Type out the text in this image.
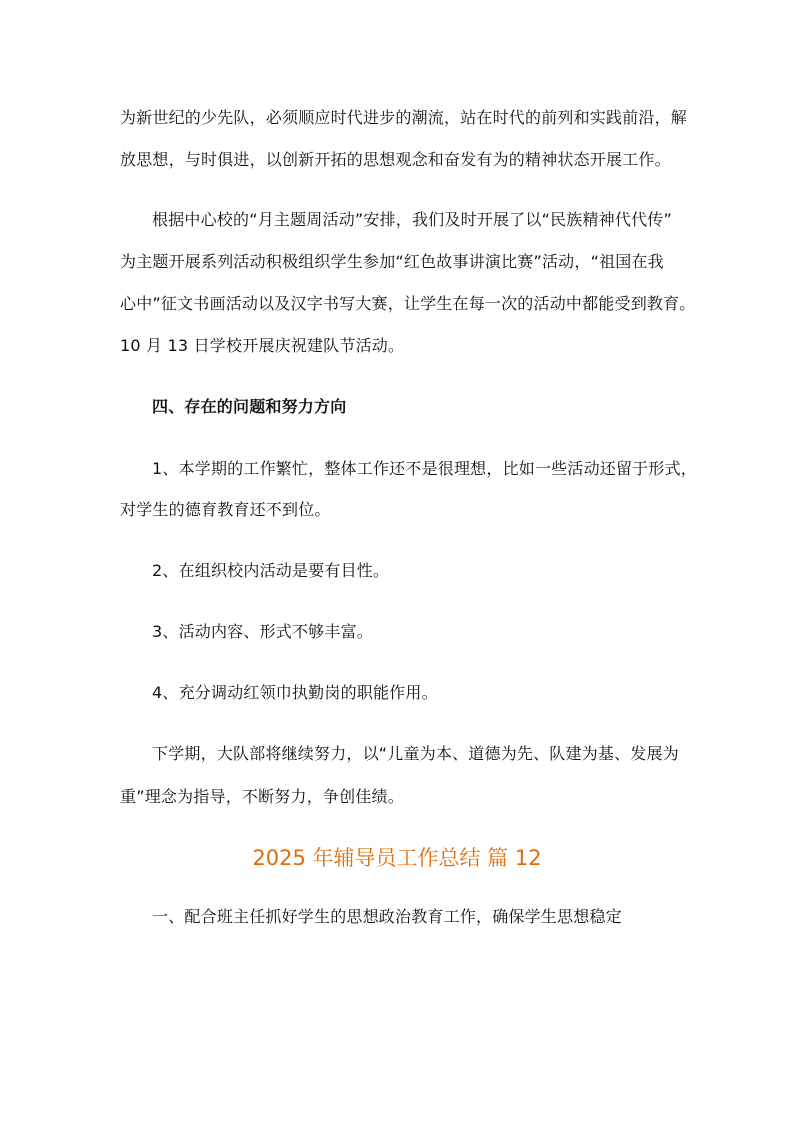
为新世纪的少先队，必须顺应时代进步的潮流，站在时代的前列和实践前沿，解
放思想，与时俱进，以创新开拓的思想观念和奋发有为的精神状态开展工作。
根据中心校的“月主题周活动”安排，我们及时开展了以“民族精神代代传”
为主题开展系列活动积极组织学生参加“红色故事讲演比赛”活动，“祖国在我
心中”征文书画活动以及汉字书写大赛，让学生在每一次的活动中都能受到教育。
10 月 13 日学校开展庆祝建队节活动。
四、存在的问题和努力方向
1、本学期的工作繁忙，整体工作还不是很理想，比如一些活动还留于形式，
对学生的德育教育还不到位。
2、在组织校内活动是要有目性。
3、活动内容、形式不够丰富。
4、充分调动红领巾执勤岗的职能作用。
下学期，大队部将继续努力，以“儿童为本、道德为先、队建为基、发展为
重”理念为指导，不断努力，争创佳绩。
2025 年辅导员工作总结 篇 12
一、配合班主任抓好学生的思想政治教育工作，确保学生思想稳定
